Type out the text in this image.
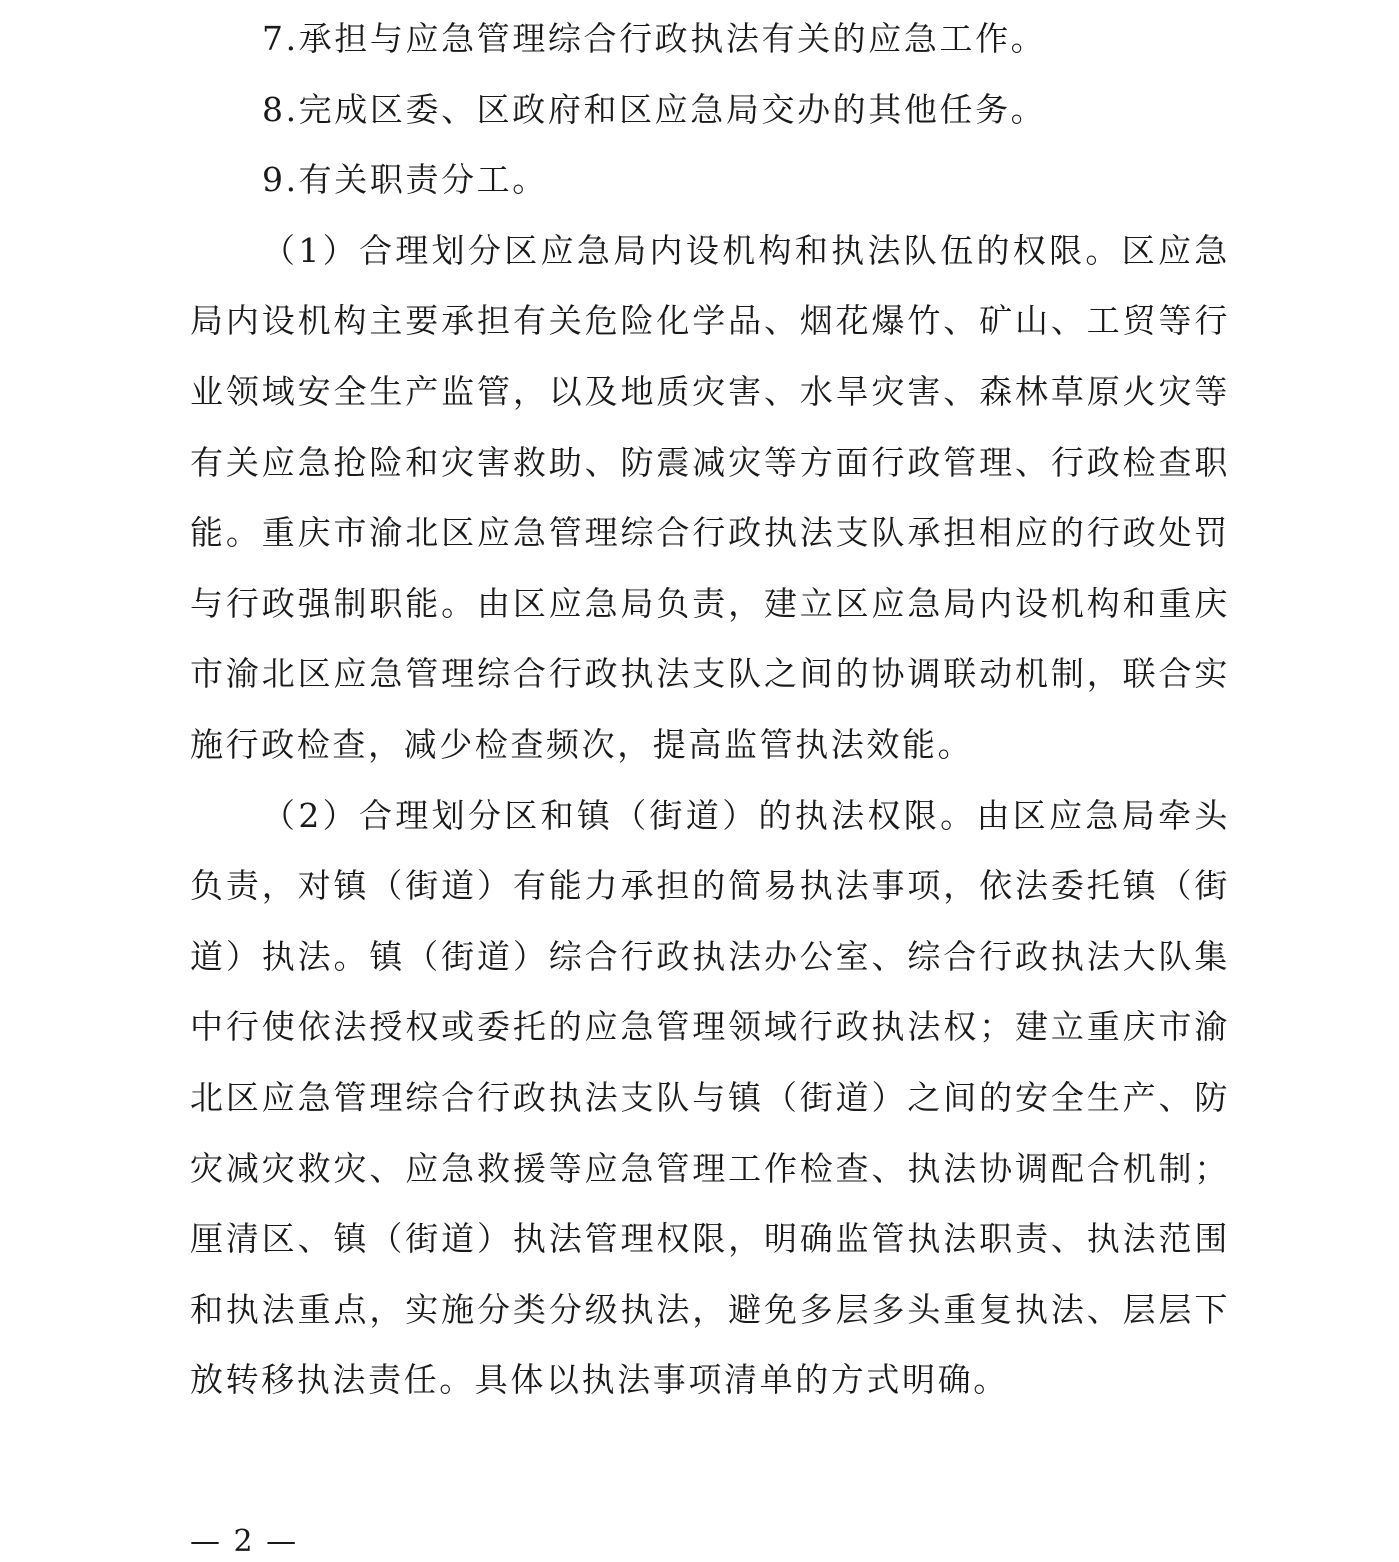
7.承担与应急管理综合行政执法有关的应急工作。

8.完成区委、区政府和区应急局交办的其他任务。

9.有关职责分工。

（1）合理划分区应急局内设机构和执法队伍的权限。区应急局内设机构主要承担有关危险化学品、烟花爆竹、矿山、工贸等行业领域安全生产监管，以及地质灾害、水旱灾害、森林草原火灾等有关应急抢险和灾害救助、防震减灾等方面行政管理、行政检查职能。重庆市渝北区应急管理综合行政执法支队承担相应的行政处罚与行政强制职能。由区应急局负责，建立区应急局内设机构和重庆市渝北区应急管理综合行政执法支队之间的协调联动机制，联合实施行政检查，减少检查频次，提高监管执法效能。

（2）合理划分区和镇（街道）的执法权限。由区应急局牵头负责，对镇（街道）有能力承担的简易执法事项，依法委托镇（街道）执法。镇（街道）综合行政执法办公室、综合行政执法大队集中行使依法授权或委托的应急管理领域行政执法权；建立重庆市渝北区应急管理综合行政执法支队与镇（街道）之间的安全生产、防灾减灾救灾、应急救援等应急管理工作检查、执法协调配合机制；厘清区、镇（街道）执法管理权限，明确监管执法职责、执法范围和执法重点，实施分类分级执法，避免多层多头重复执法、层层下放转移执法责任。具体以执法事项清单的方式明确。

— 2 —
